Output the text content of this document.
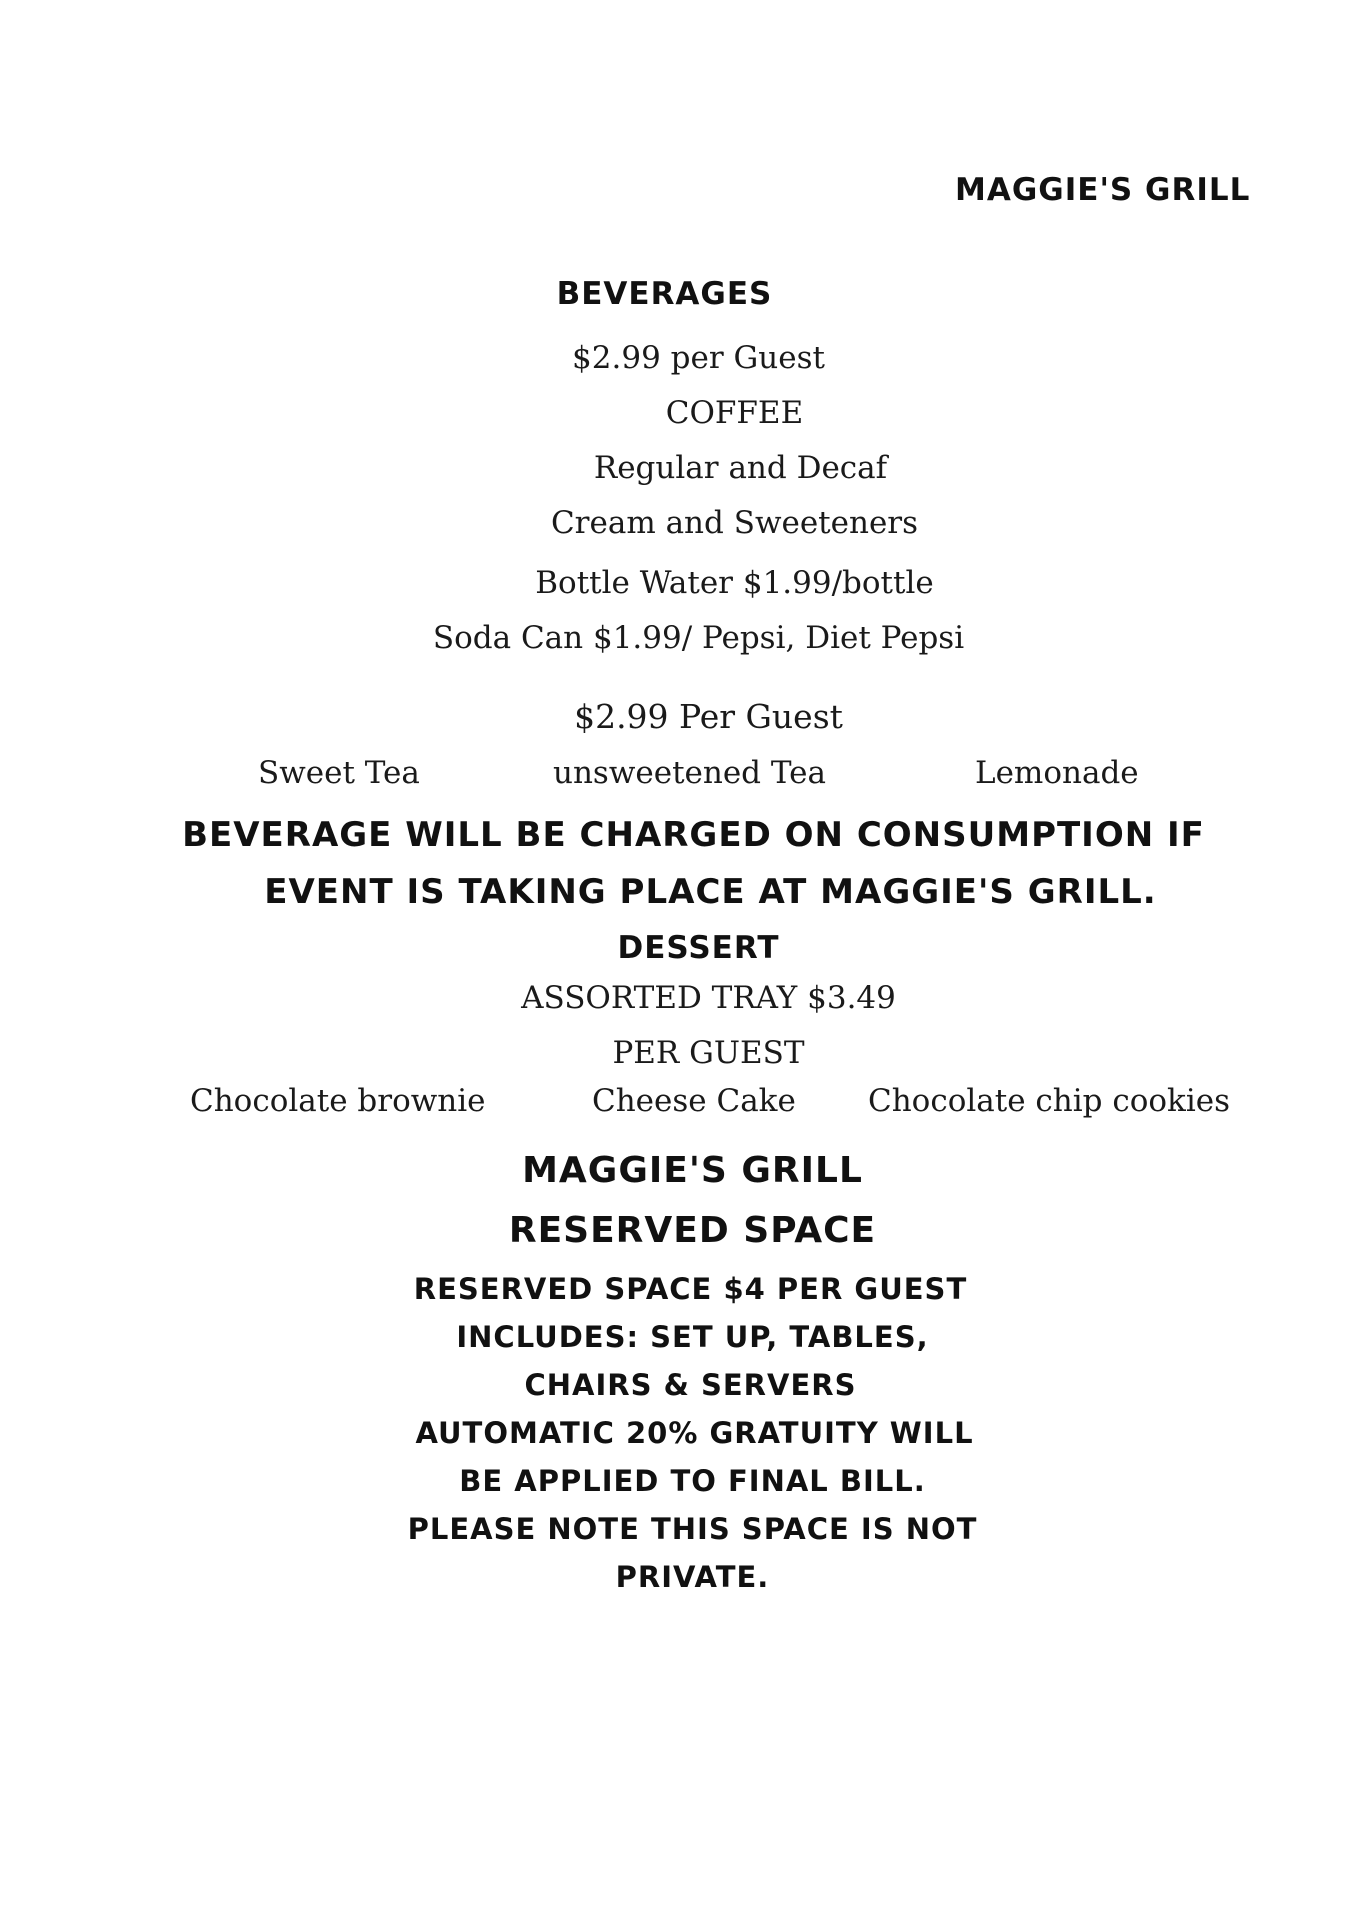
MAGGIE'S GRILL
BEVERAGES
$2.99 per Guest
COFFEE
Regular and Decaf
Cream and Sweeteners
Bottle Water $1.99/bottle
Soda Can $1.99/ Pepsi, Diet Pepsi
$2.99 Per Guest
Sweet Tea	unsweetened Tea	Lemonade
BEVERAGE WILL BE CHARGED ON CONSUMPTION IF
EVENT IS TAKING PLACE AT MAGGIE'S GRILL.
DESSERT
ASSORTED TRAY $3.49
PER GUEST
Chocolate brownie	Cheese Cake Chocolate chip cookies
MAGGIE'S GRILL
RESERVED SPACE
RESERVED SPACE $4 PER GUEST
INCLUDES: SET UP, TABLES,
CHAIRS & SERVERS
AUTOMATIC 20% GRATUITY WILL
BE APPLIED TO FINAL BILL.
PLEASE NOTE THIS SPACE IS NOT
PRIVATE.
